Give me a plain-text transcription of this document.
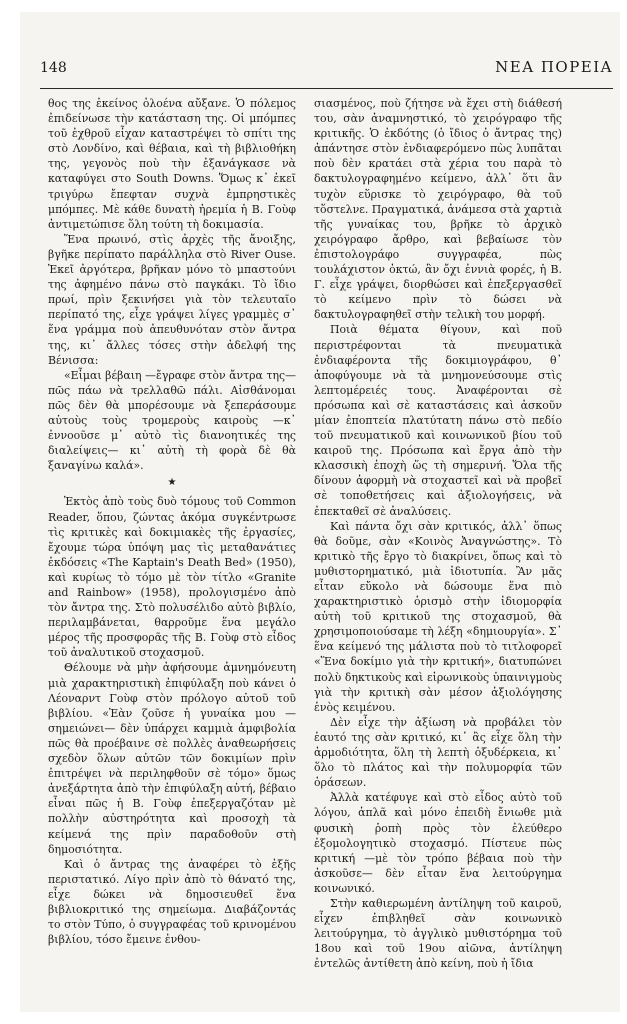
148	ΝΕΑ ΠΟΡΕΙΑ

θος της ἐκείνος ὁλοένα αὔξανε. Ὁ πόλεμος ἐπιδείνωσε τὴν κατάσταση της. Οἱ μπόμπες τοῦ ἐχθροῦ εἶχαν καταστρέψει τὸ σπίτι της στὸ Λονδίνο, καὶ θέβαια, καὶ τὴ βιβλιοθήκη της, γεγονὸς ποὺ τὴν ἐξανάγκασε νὰ καταφύγει στο South Downs. Ὅμως κ᾽ ἐκεῖ τριγύρω ἔπεφταν συχνὰ ἐμπρηστικὲς μπόμπες. Μὲ κάθε δυνατὴ ἠρεμία ἡ Β. Γοὺφ ἀντιμετώπισε ὅλη τούτη τὴ δοκιμασία.

Ἕνα πρωινό, στὶς ἀρχὲς τῆς ἄνοιξης, βγῆκε περίπατο παράλληλα στὸ River Ouse. Ἐκεῖ ἀργότερα, βρῆκαν μόνο τὸ μπαστούνι της ἀφημένο πάνω στὸ παγκάκι. Τὸ ἴδιο πρωί, πρὶν ξεκινήσει γιὰ τὸν τελευταῖο περίπατό της, εἶχε γράψει λίγες γραμμὲς σ᾽ ἕνα γράμμα ποὺ ἀπευθυνόταν στὸν ἄντρα της, κι᾽ ἄλλες τόσες στὴν ἀδελφή της Βένισσα:

«Εἶμαι βέβαιη —ἔγραφε στὸν ἄντρα της— πῶς πάω νὰ τρελλαθῶ πάλι. Αἰσθάνομαι πῶς δὲν θὰ μπορέσουμε νὰ ξεπεράσουμε αὐτοὺς τοὺς τρομεροὺς καιροὺς —κ᾽ ἐννοοῦσε μ᾽ αὐτὸ τὶς διανοητικές της διαλείψεις— κι᾽ αὐτὴ τὴ φορὰ δὲ θὰ ξαναγίνω καλά».

★

Ἐκτὸς ἀπὸ τοὺς δυὸ τόμους τοῦ Common Reader, ὅπου, ζώντας ἀκόμα συγκέντρωσε τὶς κριτικὲς καὶ δοκιμιακὲς τῆς ἐργασίες, ἔχουμε τώρα ὑπόψη μας τὶς μεταθανάτιες ἐκδόσεις «The Kaptain's Death Bed» (1950), καὶ κυρίως τὸ τόμο μὲ τὸν τίτλο «Granite and Rainbow» (1958), προλογισμένο ἀπὸ τὸν ἄντρα της. Στὸ πολυσέλιδο αὐτὸ βιβλίο, περιλαμβάνεται, θαρροῦμε ἕνα μεγάλο μέρος τῆς προσφορᾶς τῆς Β. Γοὺφ στὸ εἶδος τοῦ ἀναλυτικοῦ στοχασμοῦ.

Θέλουμε νὰ μὴν ἀφήσουμε ἀμνημόνευτη μιὰ χαρακτηριστικὴ ἐπιφύλαξη ποὺ κάνει ὁ Λέοναρντ Γοὺφ στὸν πρόλογο αὐτοῦ τοῦ βιβλίου. «Ἐὰν ζοῦσε ἡ γυναίκα μου —σημειώνει— δὲν ὑπάρχει καμμιὰ ἀμφιβολία πῶς θὰ προέβαινε σὲ πολλὲς ἀναθεωρήσεις σχεδὸν ὅλων αὐτῶν τῶν δοκιμίων πρὶν ἐπιτρέψει νὰ περιληφθοῦν σὲ τόμο» ὅμως ἀνεξάρτητα ἀπὸ τὴν ἐπιφύλαξη αὐτή, βέβαιο εἶναι πῶς ἡ Β. Γοὺφ ἐπεξεργαζόταν μὲ πολλὴν αὐστηρότητα καὶ προσοχὴ τὰ κείμενά της πρὶν παραδοθοῦν στὴ δημοσιότητα.

Καὶ ὁ ἄντρας της ἀναφέρει τὸ ἑξῆς περιστατικό. Λίγο πρὶν ἀπὸ τὸ θάνατό της, εἶχε δώκει νὰ δημοσιευθεῖ ἕνα βιβλιοκριτικό της σημείωμα. Διαβάζοντάς το στὸν Τύπο, ὁ συγγραφέας τοῦ κρινομένου βιβλίου, τόσο ἔμεινε ἐνθου-

σιασμένος, ποὺ ζήτησε νὰ ἔχει στὴ διάθεσή του, σὰν ἀναμνηστικό, τὸ χειρόγραφο τῆς κριτικῆς. Ὁ ἐκδότης (ὁ ἴδιος ὁ ἄντρας της) ἀπάντησε στὸν ἐνδιαφερόμενο πὼς λυπᾶται ποὺ δὲν κρατάει στὰ χέρια του παρὰ τὸ δακτυλογραφημένο κείμενο, ἀλλ᾽ ὅτι ἂν τυχὸν εὕρισκε τὸ χειρόγραφο, θὰ τοῦ τὅστελνε. Πραγματικά, ἀνάμεσα στὰ χαρτιὰ τῆς γυναίκας του, βρῆκε τὸ ἀρχικὸ χειρόγραφο ἄρθρο, καὶ βεβαίωσε τὸν ἐπιστολογράφο συγγραφέα, πὼς τουλάχιστον ὀκτώ, ἂν ὄχι ἐννιὰ φορές, ἡ Β. Γ. εἶχε γράψει, διορθώσει καὶ ἐπεξεργασθεῖ τὸ κείμενο πρὶν τὸ δώσει νὰ δακτυλογραφηθεῖ στὴν τελικὴ του μορφή.

Ποιὰ θέματα θίγουν, καὶ ποῦ περιστρέφονται τὰ πνευματικὰ ἐνδιαφέροντα τῆς δοκιμιογράφου, θ᾽ ἀποφύγουμε νὰ τὰ μνημονεύσουμε στὶς λεπτομέρειές τους. Ἀναφέρονται σὲ πρόσωπα καὶ σὲ καταστάσεις καὶ ἀσκοῦν μίαν ἐποπτεία πλατύτατη πάνω στὸ πεδίο τοῦ πνευματικοῦ καὶ κοινωνικοῦ βίου τοῦ καιροῦ της. Πρόσωπα καὶ ἔργα ἀπὸ τὴν κλασσικὴ ἐποχὴ ὥς τὴ σημερινή. Ὅλα τῆς δίνουν ἀφορμὴ νὰ στοχαστεῖ καὶ νὰ προβεῖ σὲ τοποθετήσεις καὶ ἀξιολογήσεις, νὰ ἐπεκταθεῖ σὲ ἀναλύσεις.

Καὶ πάντα ὄχι σὰν κριτικός, ἀλλ᾽ ὅπως θὰ δοῦμε, σὰν «Κοινὸς Ἀναγνώστης». Τὸ κριτικὸ τῆς ἔργο τὸ διακρίνει, ὅπως καὶ τὸ μυθιστορηματικό, μιὰ ἰδιοτυπία. Ἂν μᾶς εἶταν εὔκολο νὰ δώσουμε ἕνα πιὸ χαρακτηριστικὸ ὁρισμὸ στὴν ἰδιομορφία αὐτὴ τοῦ κριτικοῦ της στοχασμοῦ, θὰ χρησιμοποιούσαμε τὴ λέξη «δημιουργία». Σ᾽ ἕνα κείμενό της μάλιστα ποὺ τὸ τιτλοφορεῖ «Ἕνα δοκίμιο γιὰ τὴν κριτική», διατυπώνει πολὺ δηκτικοὺς καὶ εἰρωνικοὺς ὑπαινιγμοὺς γιὰ τὴν κριτικὴ σὰν μέσον ἀξιολόγησης ἑνὸς κειμένου.

Δὲν εἶχε τὴν ἀξίωση νὰ προβάλει τὸν ἑαυτό της σὰν κριτικό, κι᾽ ἂς εἶχε ὅλη τὴν ἁρμοδιότητα, ὅλη τὴ λεπτὴ ὀξυδέρκεια, κι᾽ ὅλο τὸ πλάτος καὶ τὴν πολυμορφία τῶν ὁράσεων.

Ἀλλὰ κατέφυγε καὶ στὸ εἶδος αὐτὸ τοῦ λόγου, ἁπλᾶ καὶ μόνο ἐπειδὴ ἔνιωθε μιὰ φυσικὴ ῥοπὴ πρὸς τὸν ἐλεύθερο ἐξομολογητικὸ στοχασμό. Πίστευε πὼς κριτική —μὲ τὸν τρόπο βέβαια ποὺ τὴν ἀσκοῦσε— δὲν εἶταν ἕνα λειτούργημα κοινωνικό.

Στὴν καθιερωμένη ἀντίληψη τοῦ καιροῦ, εἶχεν ἐπιβληθεῖ σὰν κοινωνικὸ λειτούργημα, τὸ ἀγγλικὸ μυθιστόρημα τοῦ 18ου καὶ τοῦ 19ου αἰῶνα, ἀντίληψη ἐντελῶς ἀντίθετη ἀπὸ κείνη, ποὺ ἡ ἴδια
